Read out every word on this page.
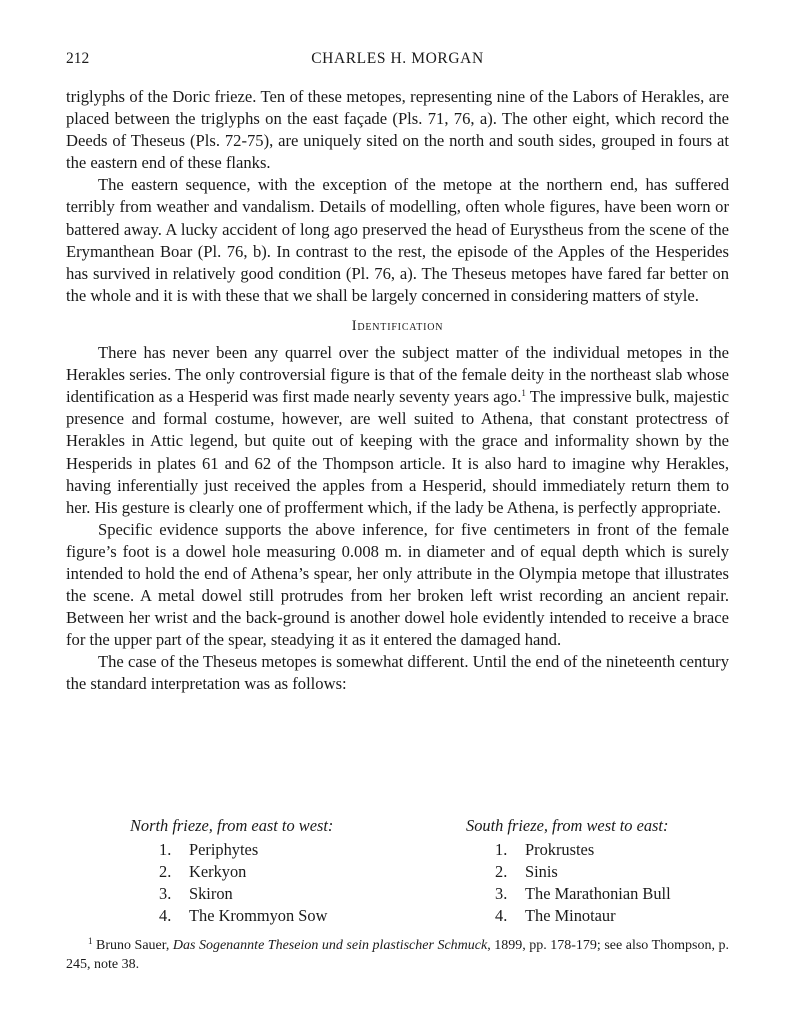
212	CHARLES H. MORGAN

triglyphs of the Doric frieze. Ten of these metopes, representing nine of the Labors of Herakles, are placed between the triglyphs on the east façade (Pls. 71, 76, a). The other eight, which record the Deeds of Theseus (Pls. 72-75), are uniquely sited on the north and south sides, grouped in fours at the eastern end of these flanks.

The eastern sequence, with the exception of the metope at the northern end, has suffered terribly from weather and vandalism. Details of modelling, often whole figures, have been worn or battered away. A lucky accident of long ago preserved the head of Eurystheus from the scene of the Erymanthean Boar (Pl. 76, b). In contrast to the rest, the episode of the Apples of the Hesperides has survived in relatively good condition (Pl. 76, a). The Theseus metopes have fared far better on the whole and it is with these that we shall be largely concerned in considering matters of style.

Identification

There has never been any quarrel over the subject matter of the individual metopes in the Herakles series. The only controversial figure is that of the female deity in the northeast slab whose identification as a Hesperid was first made nearly seventy years ago.$^1$ The impressive bulk, majestic presence and formal costume, however, are well suited to Athena, that constant protectress of Herakles in Attic legend, but quite out of keeping with the grace and informality shown by the Hesperids in plates 61 and 62 of the Thompson article. It is also hard to imagine why Herakles, having inferentially just received the apples from a Hesperid, should immediately return them to her. His gesture is clearly one of profferment which, if the lady be Athena, is perfectly appropriate.

Specific evidence supports the above inference, for five centimeters in front of the female figure’s foot is a dowel hole measuring 0.008 m. in diameter and of equal depth which is surely intended to hold the end of Athena’s spear, her only attribute in the Olympia metope that illustrates the scene. A metal dowel still protrudes from her broken left wrist recording an ancient repair. Between her wrist and the back-ground is another dowel hole evidently intended to receive a brace for the upper part of the spear, steadying it as it entered the damaged hand.

The case of the Theseus metopes is somewhat different. Until the end of the nineteenth century the standard interpretation was as follows:

North frieze, from east to west:
1. Periphytes
2. Kerkyon
3. Skiron
4. The Krommyon Sow
South frieze, from west to east:
1. Prokrustes
2. Sinis
3. The Marathonian Bull
4. The Minotaur
$^1$ Bruno Sauer, Das Sogenannte Theseion und sein plastischer Schmuck, 1899, pp. 178-179; see also Thompson, p. 245, note 38.
